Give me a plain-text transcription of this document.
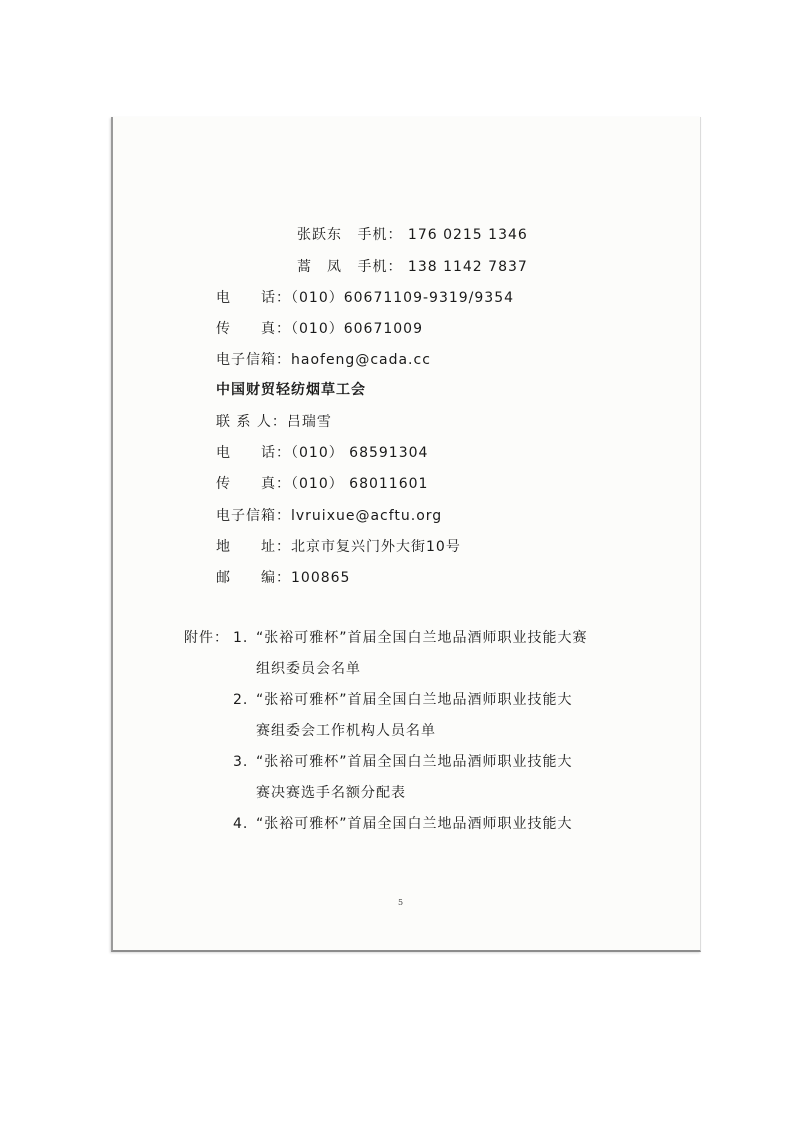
张跃东 手机： 176 0215 1346
蒿　凤 手机： 138 1142 7837
电　　话：（010）60671109-9319/9354
传　　真：（010）60671009
电子信箱：haofeng@cada.cc
中国财贸轻纺烟草工会
联 系 人：吕瑞雪
电　　话：（010） 68591304
传　　真：（010） 68011601
电子信箱：lvruixue@acftu.org
地　　址：北京市复兴门外大街10号
邮　　编：100865
附件： 1. “张裕可雅杯”首届全国白兰地品酒师职业技能大赛
组织委员会名单
2. “张裕可雅杯”首届全国白兰地品酒师职业技能大
赛组委会工作机构人员名单
3. “张裕可雅杯”首届全国白兰地品酒师职业技能大
赛决赛选手名额分配表
4. “张裕可雅杯”首届全国白兰地品酒师职业技能大
5
